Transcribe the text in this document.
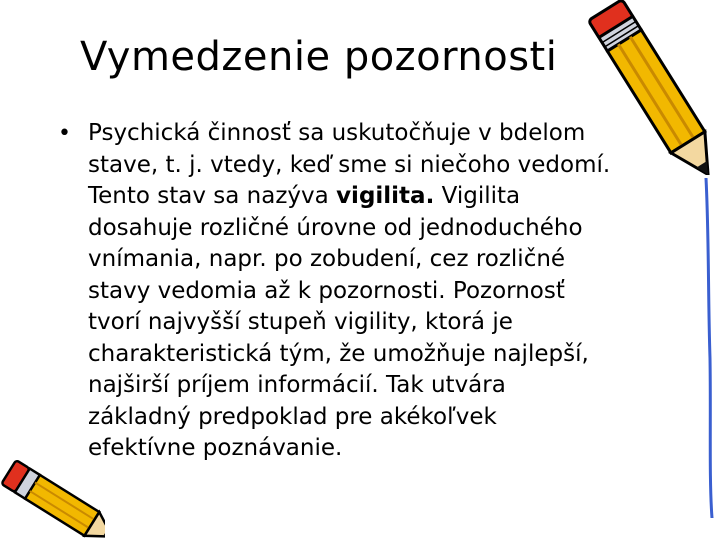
Vymedzenie pozornosti
• Psychická činnosť sa uskutočňuje v bdelom
stave, t. j. vtedy, keď sme si niečoho vedomí.
Tento stav sa nazýva vigilita. Vigilita
dosahuje rozličné úrovne od jednoduchého
vnímania, napr. po zobudení, cez rozličné
stavy vedomia až k pozornosti. Pozornosť
tvorí najvyšší stupeň vigility, ktorá je
charakteristická tým, že umožňuje najlepší,
najširší príjem informácií. Tak utvára
základný predpoklad pre akékoľvek
efektívne poznávanie.
